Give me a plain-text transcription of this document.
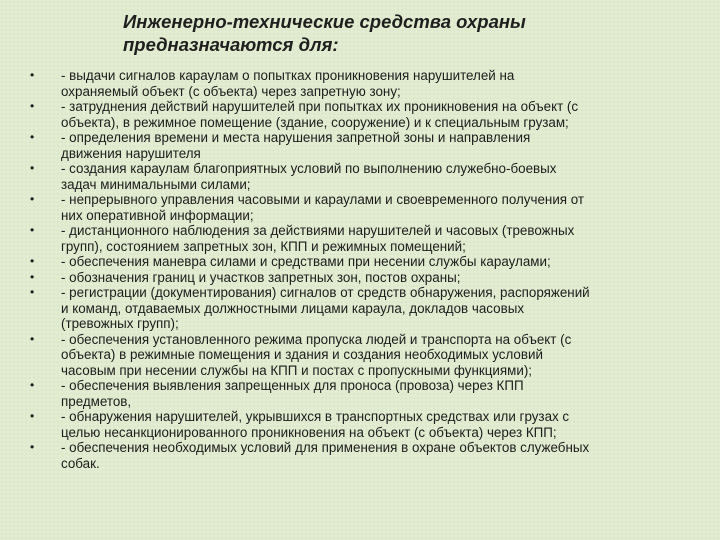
Инженерно-технические средства охраны
предназначаются для:
• - выдачи сигналов караулам о попытках проникновения нарушителей на
охраняемый объект (с объекта) через запретную зону;
• - затруднения действий нарушителей при попытках их проникновения на объект (с
объекта), в режимное помещение (здание, сооружение) и к специальным грузам;
• - определения времени и места нарушения запретной зоны и направления
движения нарушителя
• - создания караулам благоприятных условий по выполнению служебно-боевых
задач минимальными силами;
• - непрерывного управления часовыми и караулами и своевременного получения от
них оперативной информации;
• - дистанционного наблюдения за действиями нарушителей и часовых (тревожных
групп), состоянием запретных зон, КПП и режимных помещений;
• - обеспечения маневра силами и средствами при несении службы караулами;
• - обозначения границ и участков запретных зон, постов охраны;
• - регистрации (документирования) сигналов от средств обнаружения, распоряжений
и команд, отдаваемых должностными лицами караула, докладов часовых
(тревожных групп);
• - обеспечения установленного режима пропуска людей и транспорта на объект (с
объекта) в режимные помещения и здания и создания необходимых условий
часовым при несении службы на КПП и постах с пропускными функциями);
• - обеспечения выявления запрещенных для проноса (провоза) через КПП
предметов,
• - обнаружения нарушителей, укрывшихся в транспортных средствах или грузах с
целью несанкционированного проникновения на объект (с объекта) через КПП;
• - обеспечения необходимых условий для применения в охране объектов служебных
собак.
